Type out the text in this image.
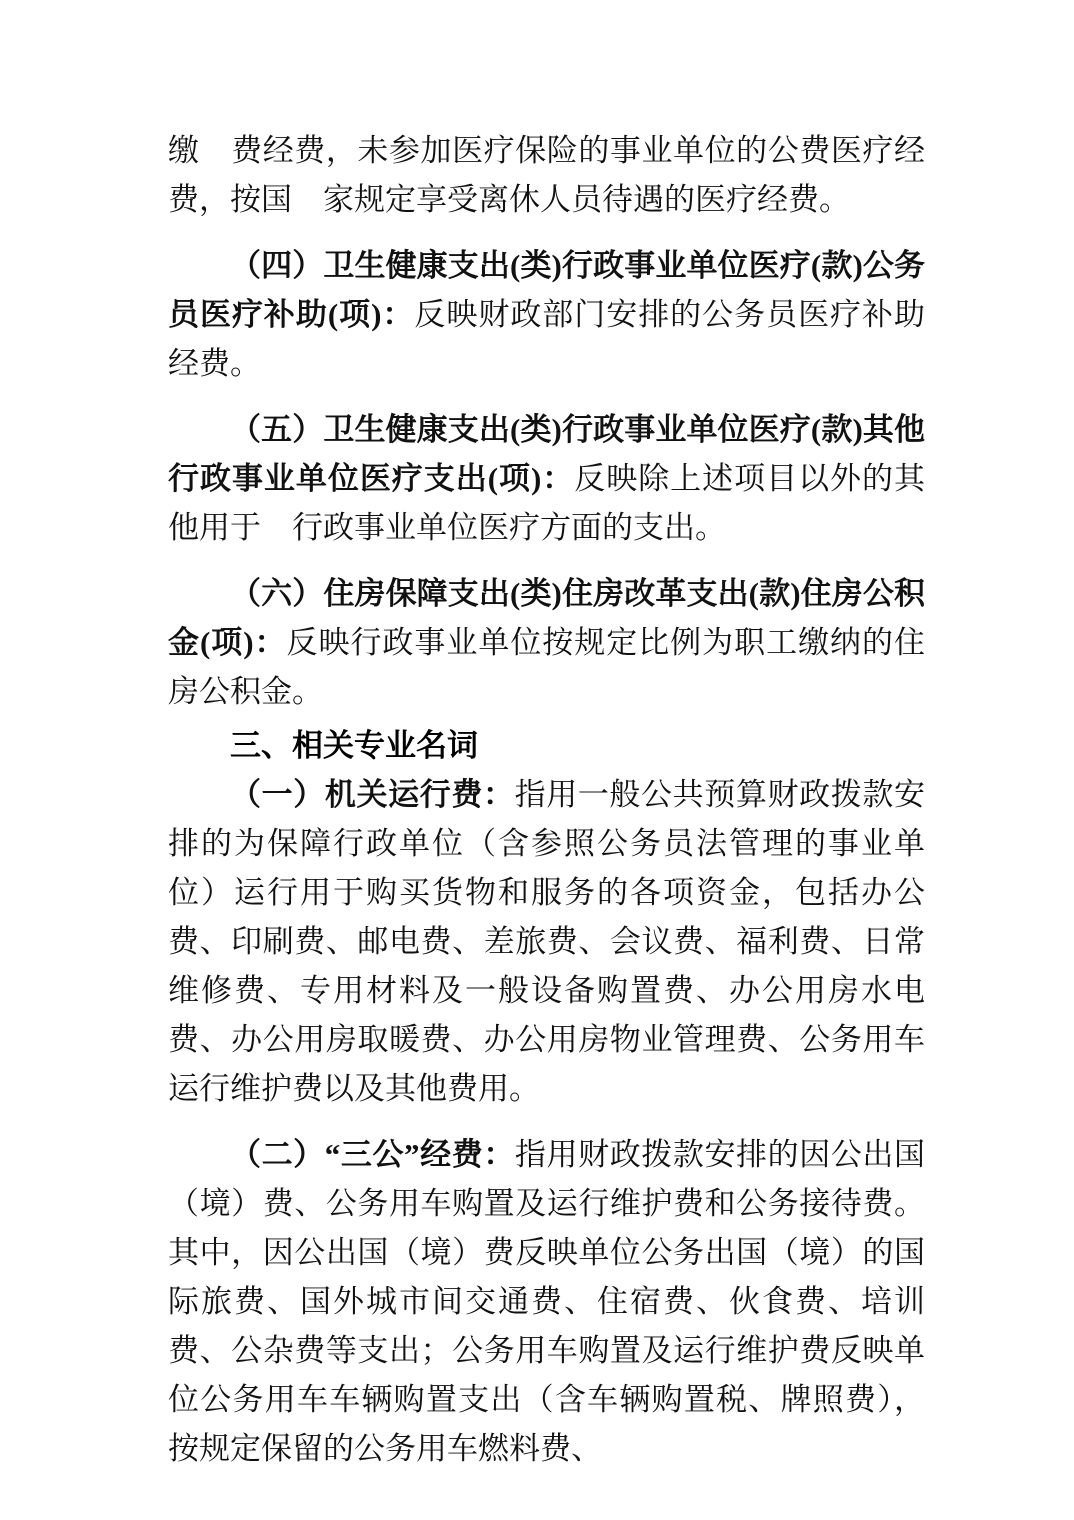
缴　费经费，未参加医疗保险的事业单位的公费医疗经费，按国　家规定享受离休人员待遇的医疗经费。

（四）卫生健康支出(类)行政事业单位医疗(款)公务员医疗补助(项)：反映财政部门安排的公务员医疗补助经费。

（五）卫生健康支出(类)行政事业单位医疗(款)其他行政事业单位医疗支出(项)：反映除上述项目以外的其他用于　行政事业单位医疗方面的支出。

（六）住房保障支出(类)住房改革支出(款)住房公积金(项)：反映行政事业单位按规定比例为职工缴纳的住房公积金。

三、相关专业名词

（一）机关运行费：指用一般公共预算财政拨款安排的为保障行政单位（含参照公务员法管理的事业单位）运行用于购买货物和服务的各项资金，包括办公费、印刷费、邮电费、差旅费、会议费、福利费、日常维修费、专用材料及一般设备购置费、办公用房水电费、办公用房取暖费、办公用房物业管理费、公务用车运行维护费以及其他费用。

（二）“三公”经费：指用财政拨款安排的因公出国（境）费、公务用车购置及运行维护费和公务接待费。其中，因公出国（境）费反映单位公务出国（境）的国际旅费、国外城市间交通费、住宿费、伙食费、培训费、公杂费等支出；公务用车购置及运行维护费反映单位公务用车车辆购置支出（含车辆购置税、牌照费），按规定保留的公务用车燃料费、
